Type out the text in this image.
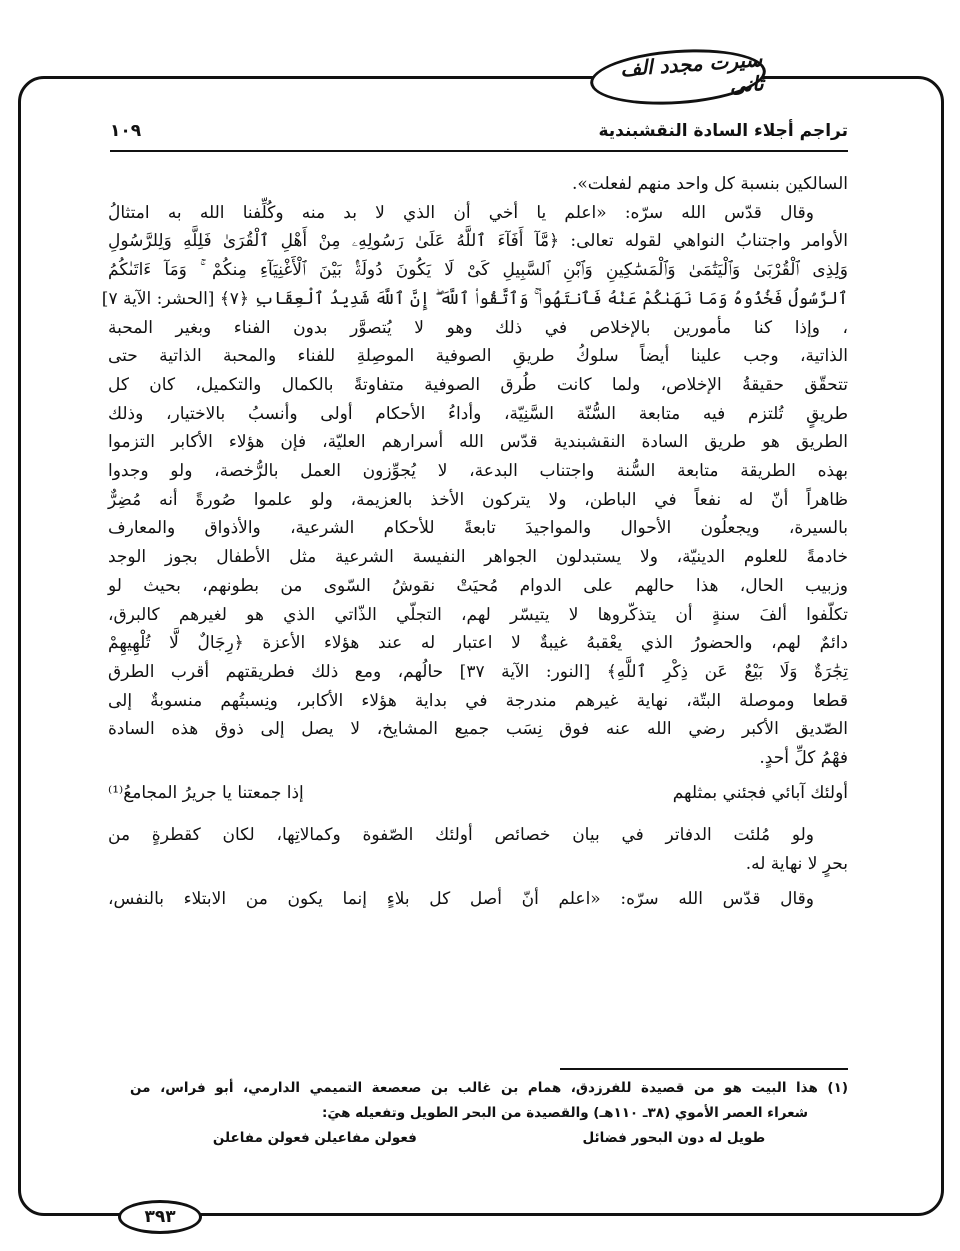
سیرت مجدد الف ثانی
تراجم أجلاء السادة النقشبندية
١٠٩
السالكين بنسبة كل واحد منهم لفعلت».
وقال قدّس الله سرّه: «اعلم يا أخي أن الذي لا بد منه وكُلِّفنا الله به امتثالُ
الأوامر واجتنابُ النواهي لقوله تعالى: ﴿مَّآ أَفَآءَ ٱللَّهُ عَلَىٰ رَسُولِهِۦ مِنْ أَهْلِ ٱلْقُرَىٰ فَلِلَّهِ وَلِلرَّسُولِ
وَلِذِى ٱلْقُرْبَىٰ وَٱلْيَتَٰمَىٰ وَٱلْمَسَٰكِينِ وَٱبْنِ ٱلسَّبِيلِ كَىْ لَا يَكُونَ دُولَةًۢ بَيْنَ ٱلْأَغْنِيَآءِ مِنكُمْ ۚ وَمَآ ءَاتَىٰكُمُ
ٱلرَّسُولُ فَخُذُوهُ وَمَا نَهَىٰكُمْ عَنْهُ فَٱنتَهُوا۟ ۚ وَٱتَّقُوا۟ ٱللَّهَ ۖ إِنَّ ٱللَّهَ شَدِيدُ ٱلْعِقَابِ ﴿٧﴾ [الحشر: الآية ٧]
، وإذا كنا مأمورين بالإخلاص في ذلك وهو لا يُتصوَّر بدون الفناء وبغير المحبة
الذاتية، وجب علينا أيضاً سلوكُ طريقِ الصوفية الموصِلةِ للفناء والمحبة الذاتية حتى
تتحقّق حقيقةُ الإخلاص، ولما كانت طُرق الصوفية متفاوتةً بالكمال والتكميل، كان كل
طريقٍ تُلتزم فيه متابعة السُّنّة السَّنِيّة، وأداءُ الأحكام أولى وأنسبُ بالاختيار، وذلك
الطريق هو طريق السادة النقشبندية قدّس الله أسرارهم العليّة، فإن هؤلاء الأكابر التزموا
بهذه الطريقة متابعة السُّنة واجتناب البدعة، لا يُجوِّزون العمل بالرُّخصة، ولو وجدوا
ظاهراً أنّ له نفعاً في الباطن، ولا يتركون الأخذ بالعزيمة، ولو علموا صُورةً أنه مُضِرٌّ
بالسيرة، ويجعلُون الأحوال والمواجيدَ تابعةً للأحكام الشرعية، والأذواق والمعارف
خادمةً للعلوم الدينيّة، ولا يستبدلون الجواهر النفيسة الشرعية مثل الأطفال بجوز الوجد
وزبيب الحال، هذا حالهم على الدوام مُحيَتْ نقوشُ السّوى من بطونهم، بحيث لو
تكلّفوا ألفَ سنةٍ أن يتذكّروها لا يتيسّر لهم، التجلّي الذّاتي الذي هو لغيرهم كالبرق،
دائمٌ لهم، والحضورُ الذي يعْقبهُ غيبةٌ لا اعتبار له عند هؤلاء الأعزة ﴿رِجَالٌ لَّا تُلْهِيهِمْ
تِجَٰرَةٌ وَلَا بَيْعٌ عَن ذِكْرِ ٱللَّهِ﴾ [النور: الآية ٣٧] حالُهم، ومع ذلك فطريقتهم أقرب الطرق
قطعا وموصلة البتّة، نهاية غيرهم مندرجة في بداية هؤلاء الأكابر، ونِسبتُهم منسوبةٌ إلى
الصّديق الأكبر رضي الله عنه فوق نِسَب جميع المشايخ، لا يصل إلى ذوق هذه السادة
فهْمُ كلِّ أحدٍ.
أولئك آبائي فجئني بمثلهم
إذا جمعتنا يا جريرُ المجامعُ⁽¹⁾
ولو مُلئت الدفاتر في بيان خصائص أولئك الصّفوة وكمالاتِها، لكان كقطرةٍ من
بحرٍ لا نهاية له.
وقال قدّس الله سرّه: «اعلم أنّ أصل كل بلاءٍ إنما يكون من الابتلاء بالنفس،
(١) هذا البيت هو من قصيدة للفرزدق، همام بن غالب بن صعصعة التميمي الدارمي، أبو فراس، من
شعراء العصر الأموي (٣٨ـ ١١٠هـ) والقصيدة من البحر الطويل وتفعيله هيَ:
طويل له دون البحور فضائل
فعولن مفاعيلن فعولن مفاعلن
٣٩٣
